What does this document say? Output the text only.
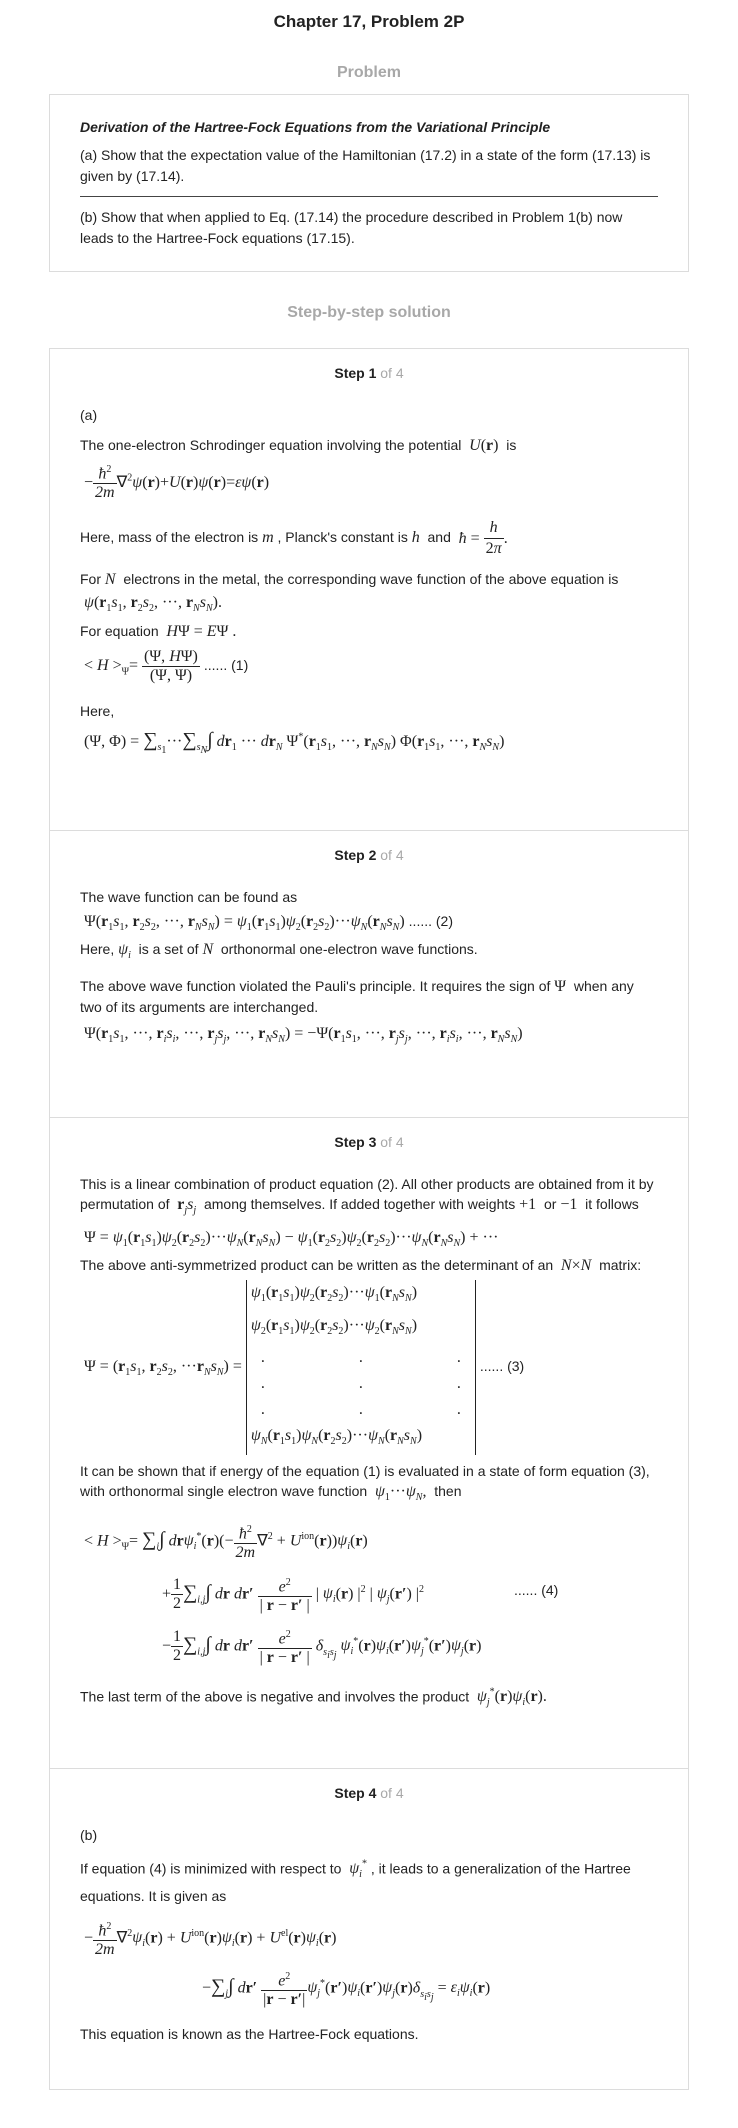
Chapter 17, Problem 2P
Problem
Derivation of the Hartree-Fock Equations from the Variational Principle

(a) Show that the expectation value of the Hamiltonian (17.2) in a state of the form (17.13) is given by (17.14).

(b) Show that when applied to Eq. (17.14) the procedure described in Problem 1(b) now leads to the Hartree-Fock equations (17.15).

Step-by-step solution
Step 1 of 4

(a)

The one-electron Schrodinger equation involving the potential U(r) is

− $\frac{ħ^2}{2m} \nabla^2\psi(r)+U(r)\psi(r)=\varepsilon\psi(r)$

Here, mass of the electron is m , Planck's constant is h and ħ = $\frac{h}{2\pi}$ .

For N electrons in the metal, the corresponding wave function of the above equation is

$\psi(r_1s_1$, $r_2s_2$, ···, $r_Ns_N$).

For equation HΨ = EΨ .

< $H >_\Psi= \frac{(\Psi, H\Psi)}{(\Psi, \Psi)}$ ...... (1)

Here,

(Ψ, $\Phi) = \sum_{s_1}\cdot\cdot\cdot\sum_{s_N}\int$ $dr_1$ ··· $dr_N$ $\Psi^*(r_1s_1$, ···, $r_Ns_N$) $\Phi(r_1s_1$, ···, $r_Ns_N$)
Step 2 of 4

The wave function can be found as

$\Psi(r_1s_1$, $r_2s_2$, ···, $r_Ns_N) = \psi_1(r_1s_1)\psi_2(r_2s_2)\cdot\cdot\cdot\psi_N(r_Ns_N)$ ...... (2)

Here, $\psi_i$ is a set of N orthonormal one-electron wave functions.

The above wave function violated the Pauli's principle. It requires the sign of Ψ when any two of its arguments are interchanged.

$\Psi(r_1s_1$, ···, $r_is_i$, ···, $r_js_j$, ···, $r_Ns_N) = -\Psi(r_1s_1$, ···, $r_js_j$, ···, $r_is_i$, ···, $r_Ns_N$)
Step 3 of 4

This is a linear combination of product equation (2). All other products are obtained from it by permutation of $r_js_j$ among themselves. If added together with weights +1 or −1 it follows

$\Psi = \psi_1(r_1s_1)\psi_2(r_2s_2)\cdot\cdot\cdot\psi_N(r_Ns_N) - \psi_1(r_2s_2)\psi_2(r_2s_2)\cdot\cdot\cdot\psi_N(r_Ns_N)$ + ···

The above anti-symmetrized product can be written as the determinant of an N×N matrix:

$\Psi = (r_1s_1$, $r_2s_2$, $\cdot\cdot\cdot r_Ns_N$) =
$\psi_1(r_1s_1)\psi_2(r_2s_2)\cdot\cdot\cdot\psi_1(r_Ns_N)$
$\psi_2(r_1s_1)\psi_2(r_2s_2)\cdot\cdot\cdot\psi_2(r_Ns_N)$
.	.	.
.	.	.
.	.	.
$\psi_N(r_1s_1)\psi_N(r_2s_2)\cdot\cdot\cdot\psi_N(r_Ns_N)$
...... (3)

It can be shown that if energy of the equation (1) is evaluated in a state of form equation (3), with orthonormal single electron wave function $\psi_1\cdot\cdot\cdot\psi_N$, then

< $H >_\Psi= \sum_i\int$ $dr\psi_i^*(r)(- \frac{ħ^2}{2m} \nabla^2 + U^{ion}(r))\psi_i(r)$
+ $\frac{1}{2} \sum_{i,j}\int$ dr $dr' \frac{e^2}{| r - r' |}$ | $\psi_i(r)$ $|^2$ | $\psi_j(r')$ $|^2$	...... (4)
− $\frac{1}{2} \sum_{i,j}\int$ dr $dr' \frac{e^2}{| r - r' |} \delta_{s_is_j}$ $\psi_i^*(r)\psi_i(r')\psi_j^*(r')\psi_j(r)$

The last term of the above is negative and involves the product $\psi_j^*(r)\psi_i(r)$.

Step 4 of 4

(b)

If equation (4) is minimized with respect to $\psi_i^*$ , it leads to a generalization of the Hartree equations. It is given as

− $\frac{ħ^2}{2m} \nabla^2\psi_i(r) + U^{ion}(r)\psi_i(r) + U^{el}(r)\psi_i(r)$
$-\sum_j\int$ $dr' \frac{e^2}{|r - r'|} \psi_j^*(r')\psi_i(r')\psi_j(r)\delta_{s_is_j} = \varepsilon_i\psi_i(r)$

This equation is known as the Hartree-Fock equations.
